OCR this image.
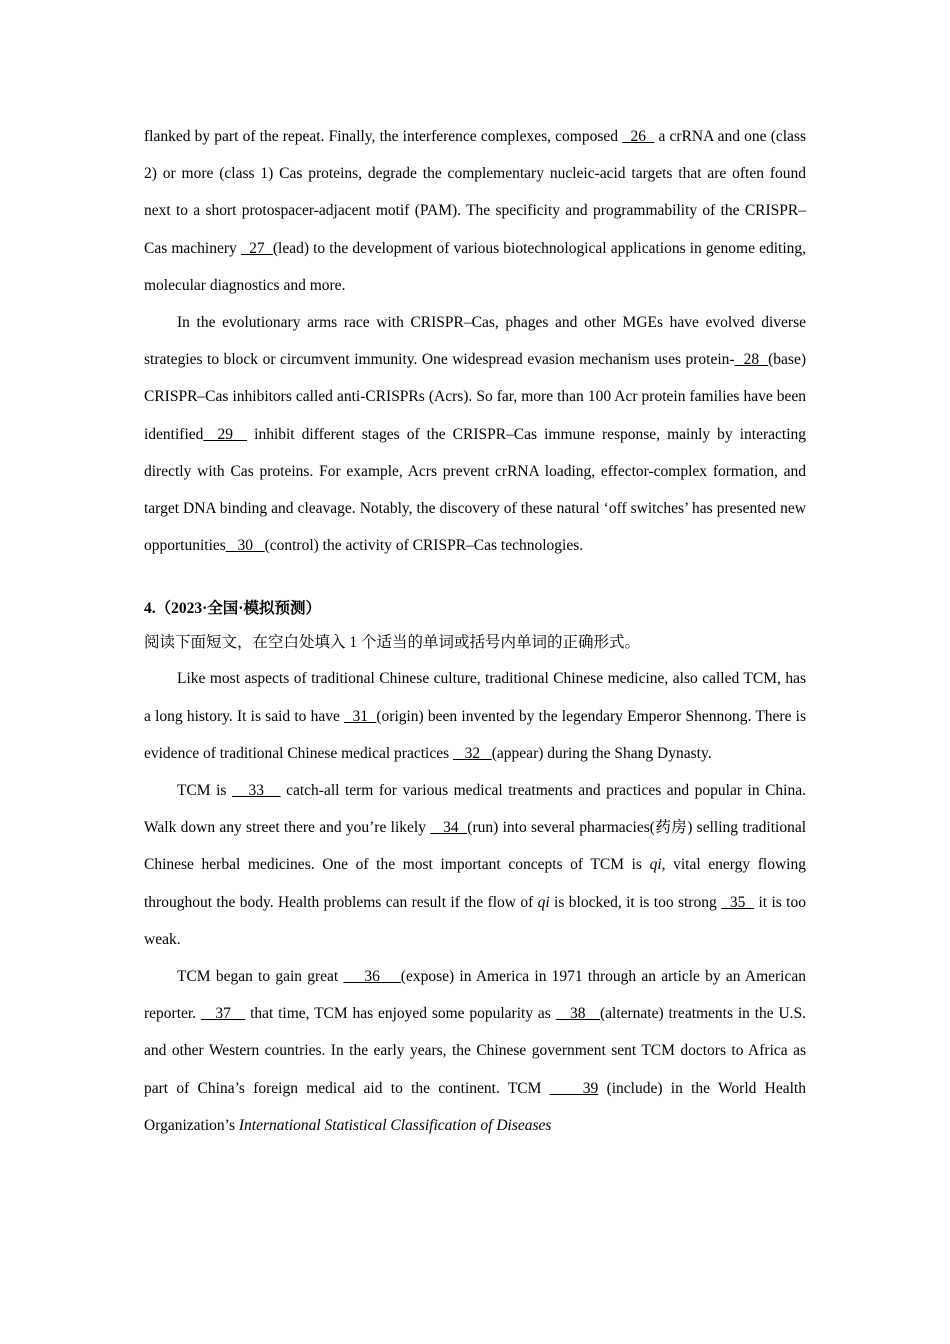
flanked by part of the repeat. Finally, the interference complexes, composed   26   a crRNA and one (class 2) or more (class 1) Cas proteins, degrade the complementary nucleic-acid targets that are often found next to a short protospacer-adjacent motif (PAM). The specificity and programmability of the CRISPR–Cas machinery   27  (lead) to the development of various biotechnological applications in genome editing, molecular diagnostics and more.

In the evolutionary arms race with CRISPR–Cas, phages and other MGEs have evolved diverse strategies to block or circumvent immunity. One widespread evasion mechanism uses protein-  28  (base) CRISPR–Cas inhibitors called anti-CRISPRs (Acrs). So far, more than 100 Acr protein families have been identified  29   inhibit different stages of the CRISPR–Cas immune response, mainly by interacting directly with Cas proteins. For example, Acrs prevent crRNA loading, effector-complex formation, and target DNA binding and cleavage. Notably, the discovery of these natural ‘off switches’ has presented new opportunities   30   (control) the activity of CRISPR–Cas technologies.

4.（2023·全国·模拟预测）

阅读下面短文，在空白处填入 1 个适当的单词或括号内单词的正确形式。

Like most aspects of traditional Chinese culture, traditional Chinese medicine, also called TCM, has a long history. It is said to have   31  (origin) been invented by the legendary Emperor Shennong. There is evidence of traditional Chinese medical practices    32   (appear) during the Shang Dynasty.

TCM is    33    catch-all term for various medical treatments and practices and popular in China. Walk down any street there and you’re likely    34  (run) into several pharmacies(药房) selling traditional Chinese herbal medicines. One of the most important concepts of TCM is qi, vital energy flowing throughout the body. Health problems can result if the flow of qi is blocked, it is too strong   35   it is too weak.

TCM began to gain great     36    (expose) in America in 1971 through an article by an American reporter.    37    that time, TCM has enjoyed some popularity as    38   (alternate) treatments in the U.S. and other Western countries. In the early years, the Chinese government sent TCM doctors to Africa as part of China’s foreign medical aid to the continent. TCM     39 (include) in the World Health Organization’s International Statistical Classification of Diseases
